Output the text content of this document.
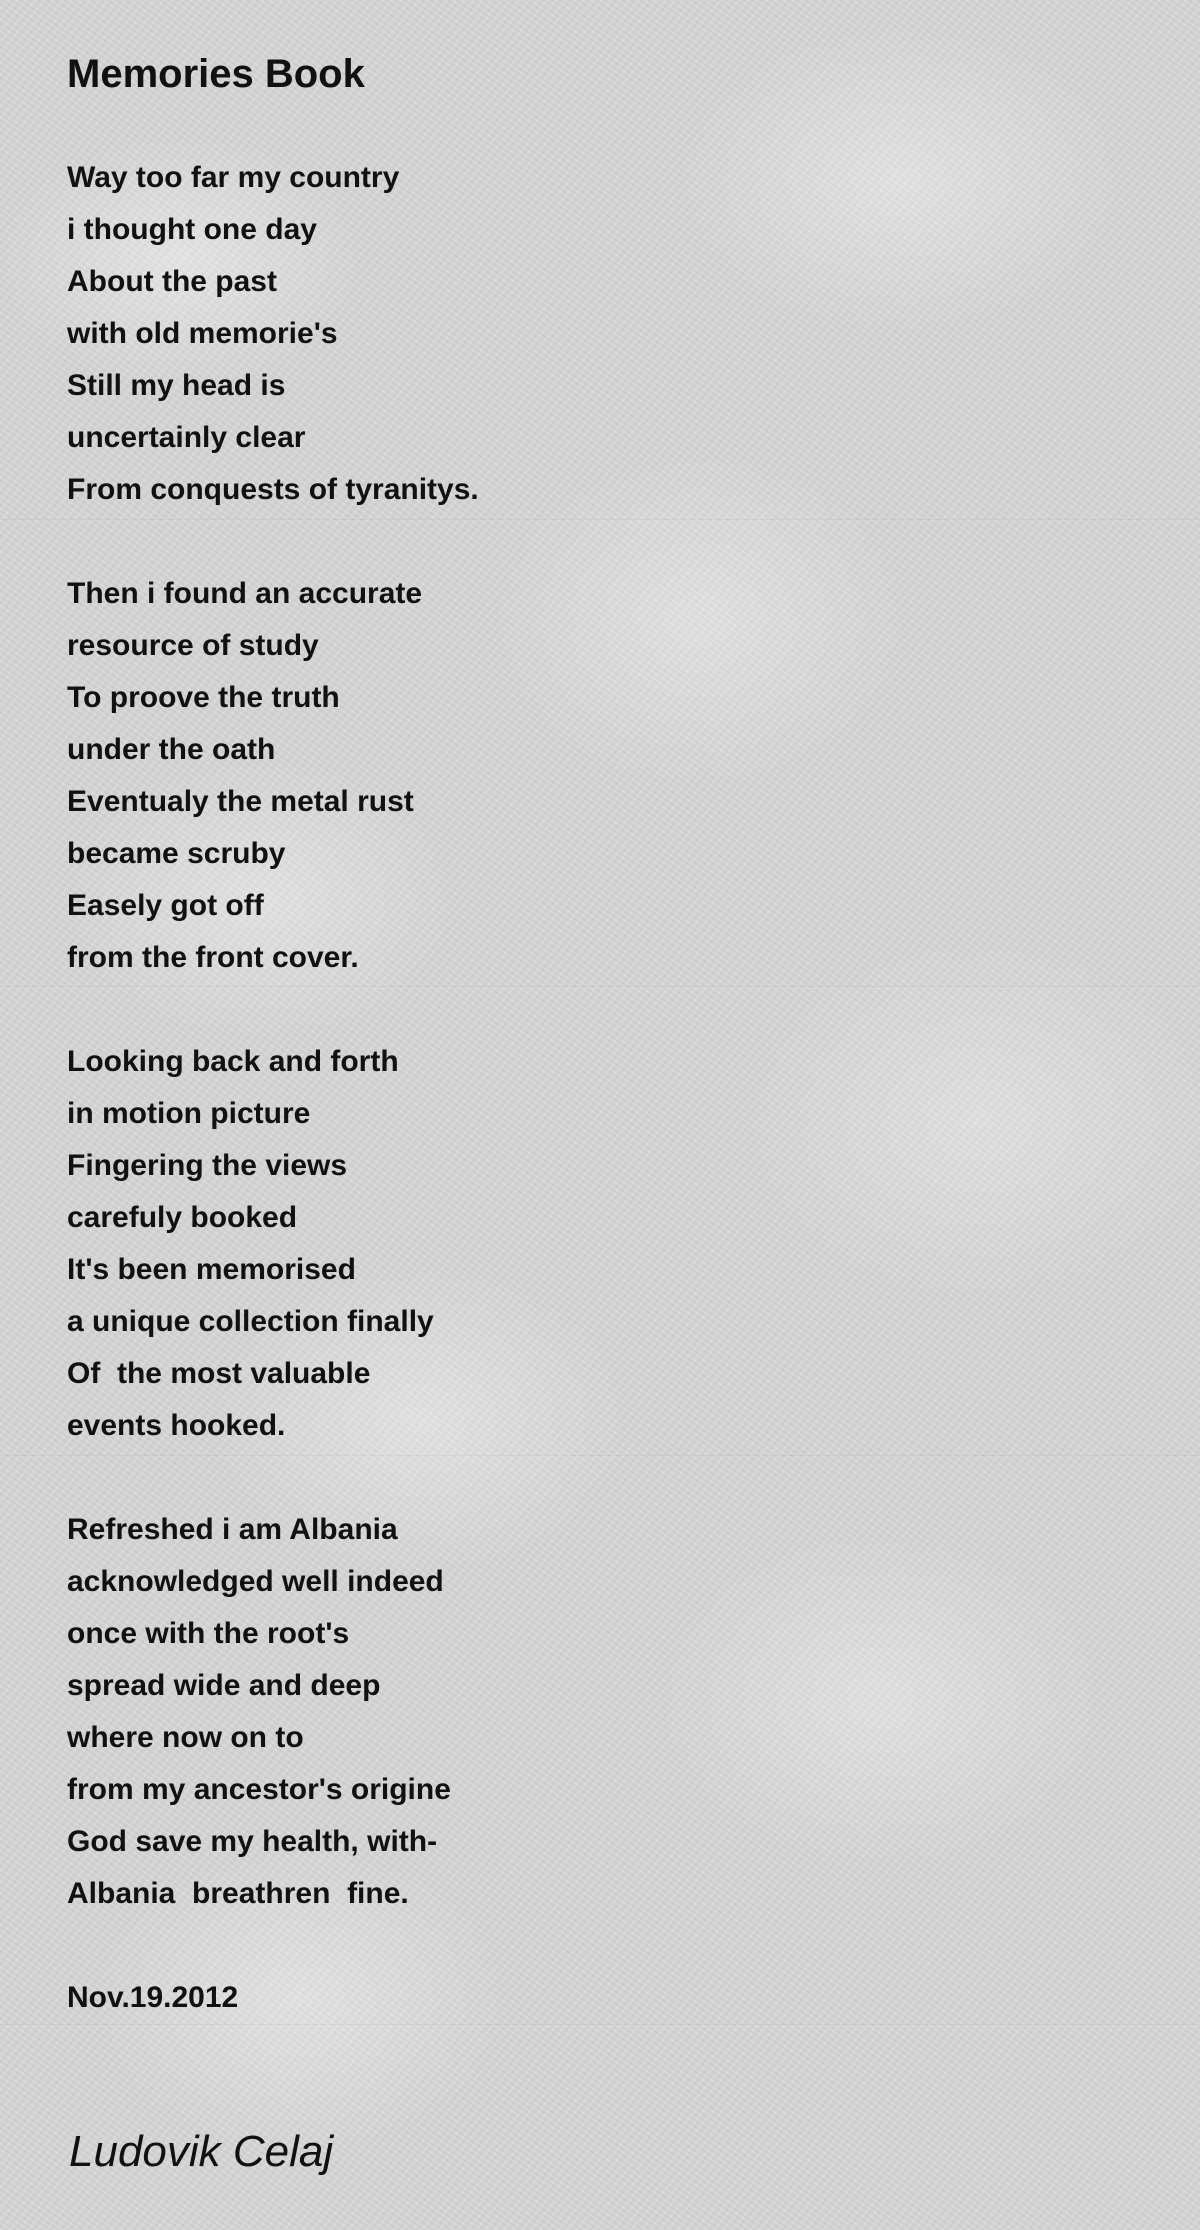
Memories Book
Way too far my country
i thought one day
About the past
with old memorie's
Still my head is
uncertainly clear
From conquests of tyranitys.
Then i found an accurate
resource of study
To proove the truth
under the oath
Eventualy the metal rust
became scruby
Easely got off
from the front cover.
Looking back and forth
in motion picture
Fingering the views
carefuly booked
It's been memorised
a unique collection finally
Of  the most valuable
events hooked.
Refreshed i am Albania
acknowledged well indeed
once with the root's
spread wide and deep
where now on to
from my ancestor's origine
God save my health, with-
Albania  breathren  fine.
Nov.19.2012
Ludovik Celaj
